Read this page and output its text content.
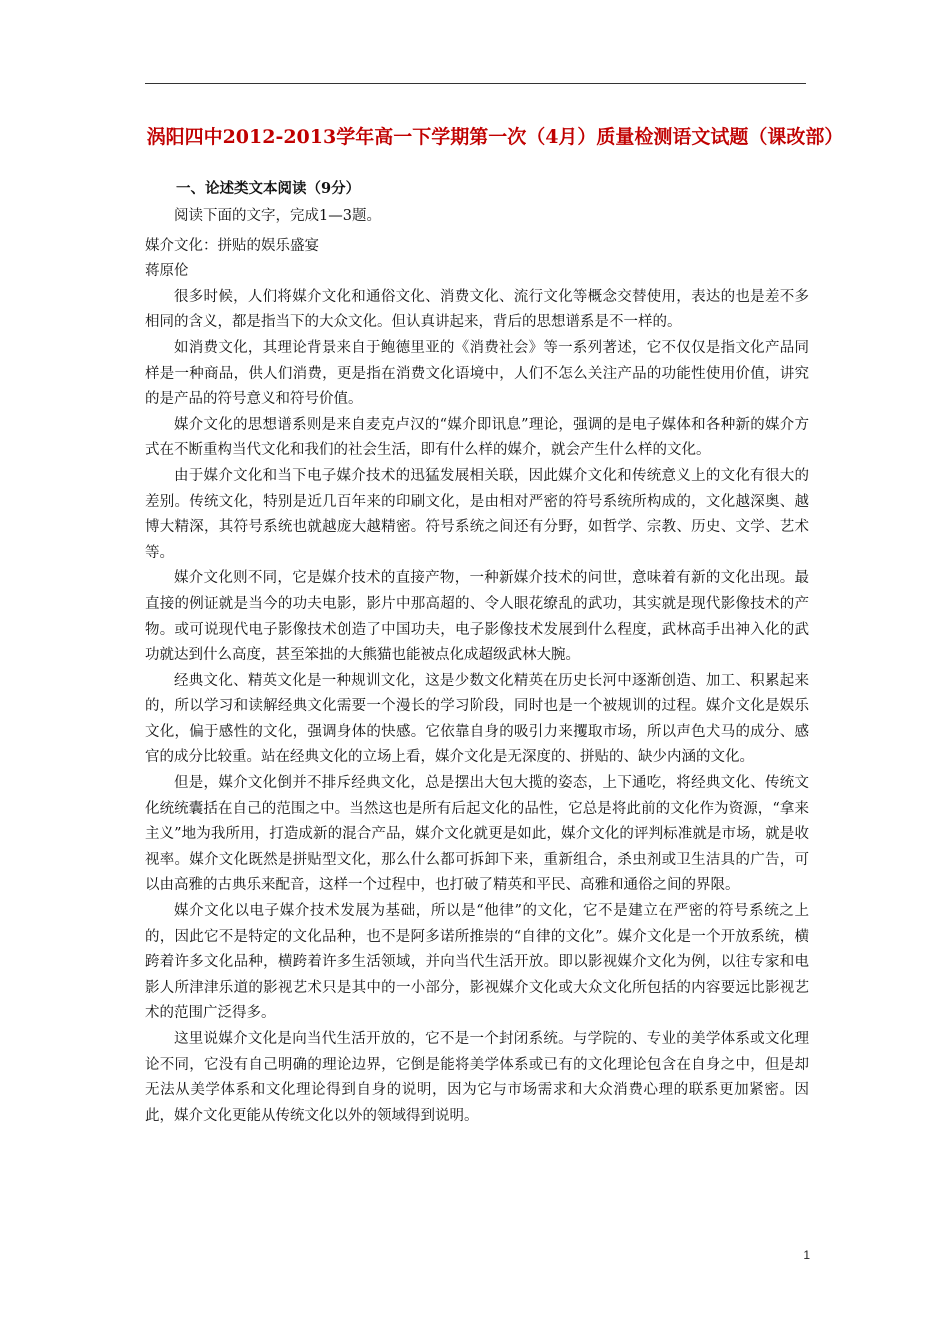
涡阳四中2012-2013学年高一下学期第一次（4月）质量检测语文试题（课改部）
一、论述类文本阅读（9分）

阅读下面的文字，完成1—3题。

媒介文化：拼贴的娱乐盛宴

蒋原伦

很多时候，人们将媒介文化和通俗文化、消费文化、流行文化等概念交替使用，表达的也是差不多相同的含义，都是指当下的大众文化。但认真讲起来，背后的思想谱系是不一样的。

如消费文化，其理论背景来自于鲍德里亚的《消费社会》等一系列著述，它不仅仅是指文化产品同样是一种商品，供人们消费，更是指在消费文化语境中，人们不怎么关注产品的功能性使用价值，讲究的是产品的符号意义和符号价值。

媒介文化的思想谱系则是来自麦克卢汉的“媒介即讯息”理论，强调的是电子媒体和各种新的媒介方式在不断重构当代文化和我们的社会生活，即有什么样的媒介，就会产生什么样的文化。

由于媒介文化和当下电子媒介技术的迅猛发展相关联，因此媒介文化和传统意义上的文化有很大的差别。传统文化，特别是近几百年来的印刷文化，是由相对严密的符号系统所构成的，文化越深奥、越博大精深，其符号系统也就越庞大越精密。符号系统之间还有分野，如哲学、宗教、历史、文学、艺术等。

媒介文化则不同，它是媒介技术的直接产物，一种新媒介技术的问世，意味着有新的文化出现。最直接的例证就是当今的功夫电影，影片中那高超的、令人眼花缭乱的武功，其实就是现代影像技术的产物。或可说现代电子影像技术创造了中国功夫，电子影像技术发展到什么程度，武林高手出神入化的武功就达到什么高度，甚至笨拙的大熊猫也能被点化成超级武林大腕。

经典文化、精英文化是一种规训文化，这是少数文化精英在历史长河中逐渐创造、加工、积累起来的，所以学习和读解经典文化需要一个漫长的学习阶段，同时也是一个被规训的过程。媒介文化是娱乐文化，偏于感性的文化，强调身体的快感。它依靠自身的吸引力来攫取市场，所以声色犬马的成分、感官的成分比较重。站在经典文化的立场上看，媒介文化是无深度的、拼贴的、缺少内涵的文化。

但是，媒介文化倒并不排斥经典文化，总是摆出大包大揽的姿态，上下通吃，将经典文化、传统文化统统囊括在自己的范围之中。当然这也是所有后起文化的品性，它总是将此前的文化作为资源，“拿来主义”地为我所用，打造成新的混合产品，媒介文化就更是如此，媒介文化的评判标准就是市场，就是收视率。媒介文化既然是拼贴型文化，那么什么都可拆卸下来，重新组合，杀虫剂或卫生洁具的广告，可以由高雅的古典乐来配音，这样一个过程中，也打破了精英和平民、高雅和通俗之间的界限。

媒介文化以电子媒介技术发展为基础，所以是“他律”的文化，它不是建立在严密的符号系统之上的，因此它不是特定的文化品种，也不是阿多诺所推崇的“自律的文化”。媒介文化是一个开放系统，横跨着许多文化品种，横跨着许多生活领域，并向当代生活开放。即以影视媒介文化为例，以往专家和电影人所津津乐道的影视艺术只是其中的一小部分，影视媒介文化或大众文化所包括的内容要远比影视艺术的范围广泛得多。

这里说媒介文化是向当代生活开放的，它不是一个封闭系统。与学院的、专业的美学体系或文化理论不同，它没有自己明确的理论边界，它倒是能将美学体系或已有的文化理论包含在自身之中，但是却无法从美学体系和文化理论得到自身的说明，因为它与市场需求和大众消费心理的联系更加紧密。因此，媒介文化更能从传统文化以外的领域得到说明。

1
